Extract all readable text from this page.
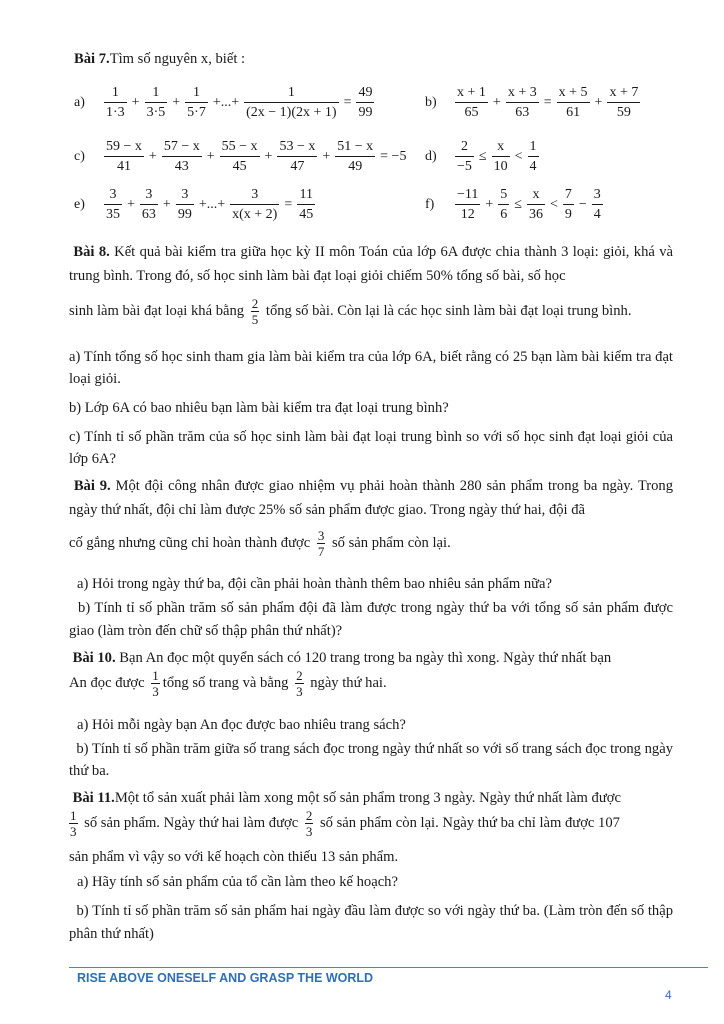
Bài 7.Tìm số nguyên x, biết :
a)	$\frac{1}{1\cdot 3} + \frac{1}{3\cdot 5} + \frac{1}{5\cdot 7}$ +...+ $\frac{1}{(2x - 1)(2x + 1)} = \frac{49}{99}$	b)	$\frac{x + 1}{65} + \frac{x + 3}{63} = \frac{x + 5}{61} + \frac{x + 7}{59}$
c)	$\frac{59 - x}{41} + \frac{57 - x}{43} + \frac{55 - x}{45} + \frac{53 - x}{47} + \frac{51 - x}{49} = -5$ d)	$\frac{2}{-5} \le \frac{x}{10} < \frac{1}{4}$
e)	$\frac{3}{35} + \frac{3}{63} + \frac{3}{99}$ +...+ $\frac{3}{x(x + 2)} = \frac{11}{45}$	f)	$\frac{-11}{12} + \frac{5}{6} \le \frac{x}{36} < \frac{7}{9} - \frac{3}{4}$
Bài 8. Kết quả bài kiểm tra giữa học kỳ II môn Toán của lớp 6A được chia thành 3 loại: giỏi, khá và trung bình. Trong đó, số học sinh làm bài đạt loại giỏi chiếm 50% tổng số bài, số học
sinh làm bài đạt loại khá bằng $\frac{2}{5}$ tổng số bài. Còn lại là các học sinh làm bài đạt loại trung bình.
a) Tính tổng số học sinh tham gia làm bài kiểm tra của lớp 6A, biết rằng có 25 bạn làm bài kiểm tra đạt loại giỏi.
b) Lớp 6A có bao nhiêu bạn làm bài kiểm tra đạt loại trung bình?
c) Tính tỉ số phần trăm của số học sinh làm bài đạt loại trung bình so với số học sinh đạt loại giỏi của lớp 6A?
Bài 9. Một đội công nhân được giao nhiệm vụ phải hoàn thành 280 sản phẩm trong ba ngày. Trong ngày thứ nhất, đội chỉ làm được 25% số sản phẩm được giao. Trong ngày thứ hai, đội đã
cố gắng nhưng cũng chỉ hoàn thành được $\frac{3}{7}$ số sản phẩm còn lại.
a) Hỏi trong ngày thứ ba, đội cần phải hoàn thành thêm bao nhiêu sản phẩm nữa?
b) Tính tỉ số phần trăm số sản phẩm đội đã làm được trong ngày thứ ba với tổng số sản phẩm được giao (làm tròn đến chữ số thập phân thứ nhất)?
Bài 10. Bạn An đọc một quyển sách có 120 trang trong ba ngày thì xong. Ngày thứ nhất bạn
An đọc được $\frac{1}{3}$ tổng số trang và bằng $\frac{2}{3}$ ngày thứ hai.
a) Hỏi mỗi ngày bạn An đọc được bao nhiêu trang sách?
b) Tính tỉ số phần trăm giữa số trang sách đọc trong ngày thứ nhất so với số trang sách đọc trong ngày thứ ba.
Bài 11.Một tổ sản xuất phải làm xong một số sản phẩm trong 3 ngày. Ngày thứ nhất làm được
$\frac{1}{3}$ số sản phẩm. Ngày thứ hai làm được $\frac{2}{3}$ số sản phẩm còn lại. Ngày thứ ba chỉ làm được 107
sản phẩm vì vậy so với kế hoạch còn thiếu 13 sản phẩm.
a) Hãy tính số sản phẩm của tổ cần làm theo kế hoạch?
b) Tính tỉ số phần trăm số sản phẩm hai ngày đầu làm được so với ngày thứ ba. (Làm tròn đến số thập phân thứ nhất)
RISE ABOVE ONESELF AND GRASP THE WORLD
4
